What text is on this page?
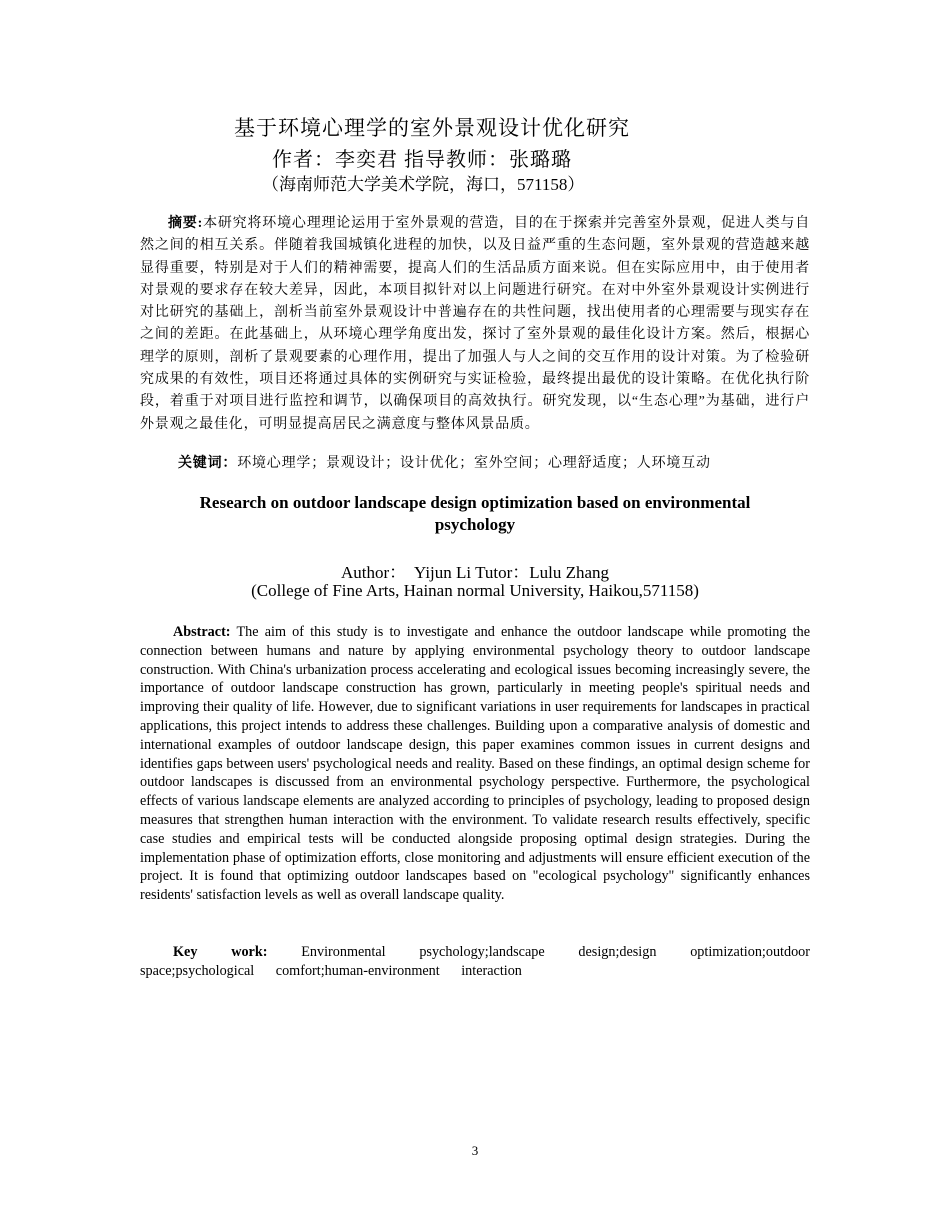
基于环境心理学的室外景观设计优化研究
作者：李奕君 指导教师：张璐璐
（海南师范大学美术学院，海口，571158）

摘要:本研究将环境心理理论运用于室外景观的营造，目的在于探索并完善室外景观，促进人类与自然之间的相互关系。伴随着我国城镇化进程的加快，以及日益严重的生态问题，室外景观的营造越来越显得重要，特别是对于人们的精神需要，提高人们的生活品质方面来说。但在实际应用中，由于使用者对景观的要求存在较大差异，因此，本项目拟针对以上问题进行研究。在对中外室外景观设计实例进行对比研究的基础上，剖析当前室外景观设计中普遍存在的共性问题，找出使用者的心理需要与现实存在之间的差距。在此基础上，从环境心理学角度出发，探讨了室外景观的最佳化设计方案。然后，根据心理学的原则，剖析了景观要素的心理作用，提出了加强人与人之间的交互作用的设计对策。为了检验研究成果的有效性，项目还将通过具体的实例研究与实证检验，最终提出最优的设计策略。在优化执行阶段，着重于对项目进行监控和调节，以确保项目的高效执行。研究发现，以“生态心理”为基础，进行户外景观之最佳化，可明显提高居民之满意度与整体风景品质。

关键词：环境心理学；景观设计；设计优化；室外空间；心理舒适度；人环境互动

Research on outdoor landscape design optimization based on environmental psychology

Author：  Yijun Li Tutor：Lulu Zhang
(College of Fine Arts, Hainan normal University, Haikou,571158)

Abstract: The aim of this study is to investigate and enhance the outdoor landscape while promoting the connection between humans and nature by applying environmental psychology theory to outdoor landscape construction. With China's urbanization process accelerating and ecological issues becoming increasingly severe, the importance of outdoor landscape construction has grown, particularly in meeting people's spiritual needs and improving their quality of life. However, due to significant variations in user requirements for landscapes in practical applications, this project intends to address these challenges. Building upon a comparative analysis of domestic and international examples of outdoor landscape design, this paper examines common issues in current designs and identifies gaps between users' psychological needs and reality. Based on these findings, an optimal design scheme for outdoor landscapes is discussed from an environmental psychology perspective. Furthermore, the psychological effects of various landscape elements are analyzed according to principles of psychology, leading to proposed design measures that strengthen human interaction with the environment. To validate research results effectively, specific case studies and empirical tests will be conducted alongside proposing optimal design strategies. During the implementation phase of optimization efforts, close monitoring and adjustments will ensure efficient execution of the project. It is found that optimizing outdoor landscapes based on "ecological psychology" significantly enhances residents' satisfaction levels as well as overall landscape quality.

Key work: Environmental psychology;landscape design;design optimization;outdoor space;psychological comfort;human-environment interaction

3
